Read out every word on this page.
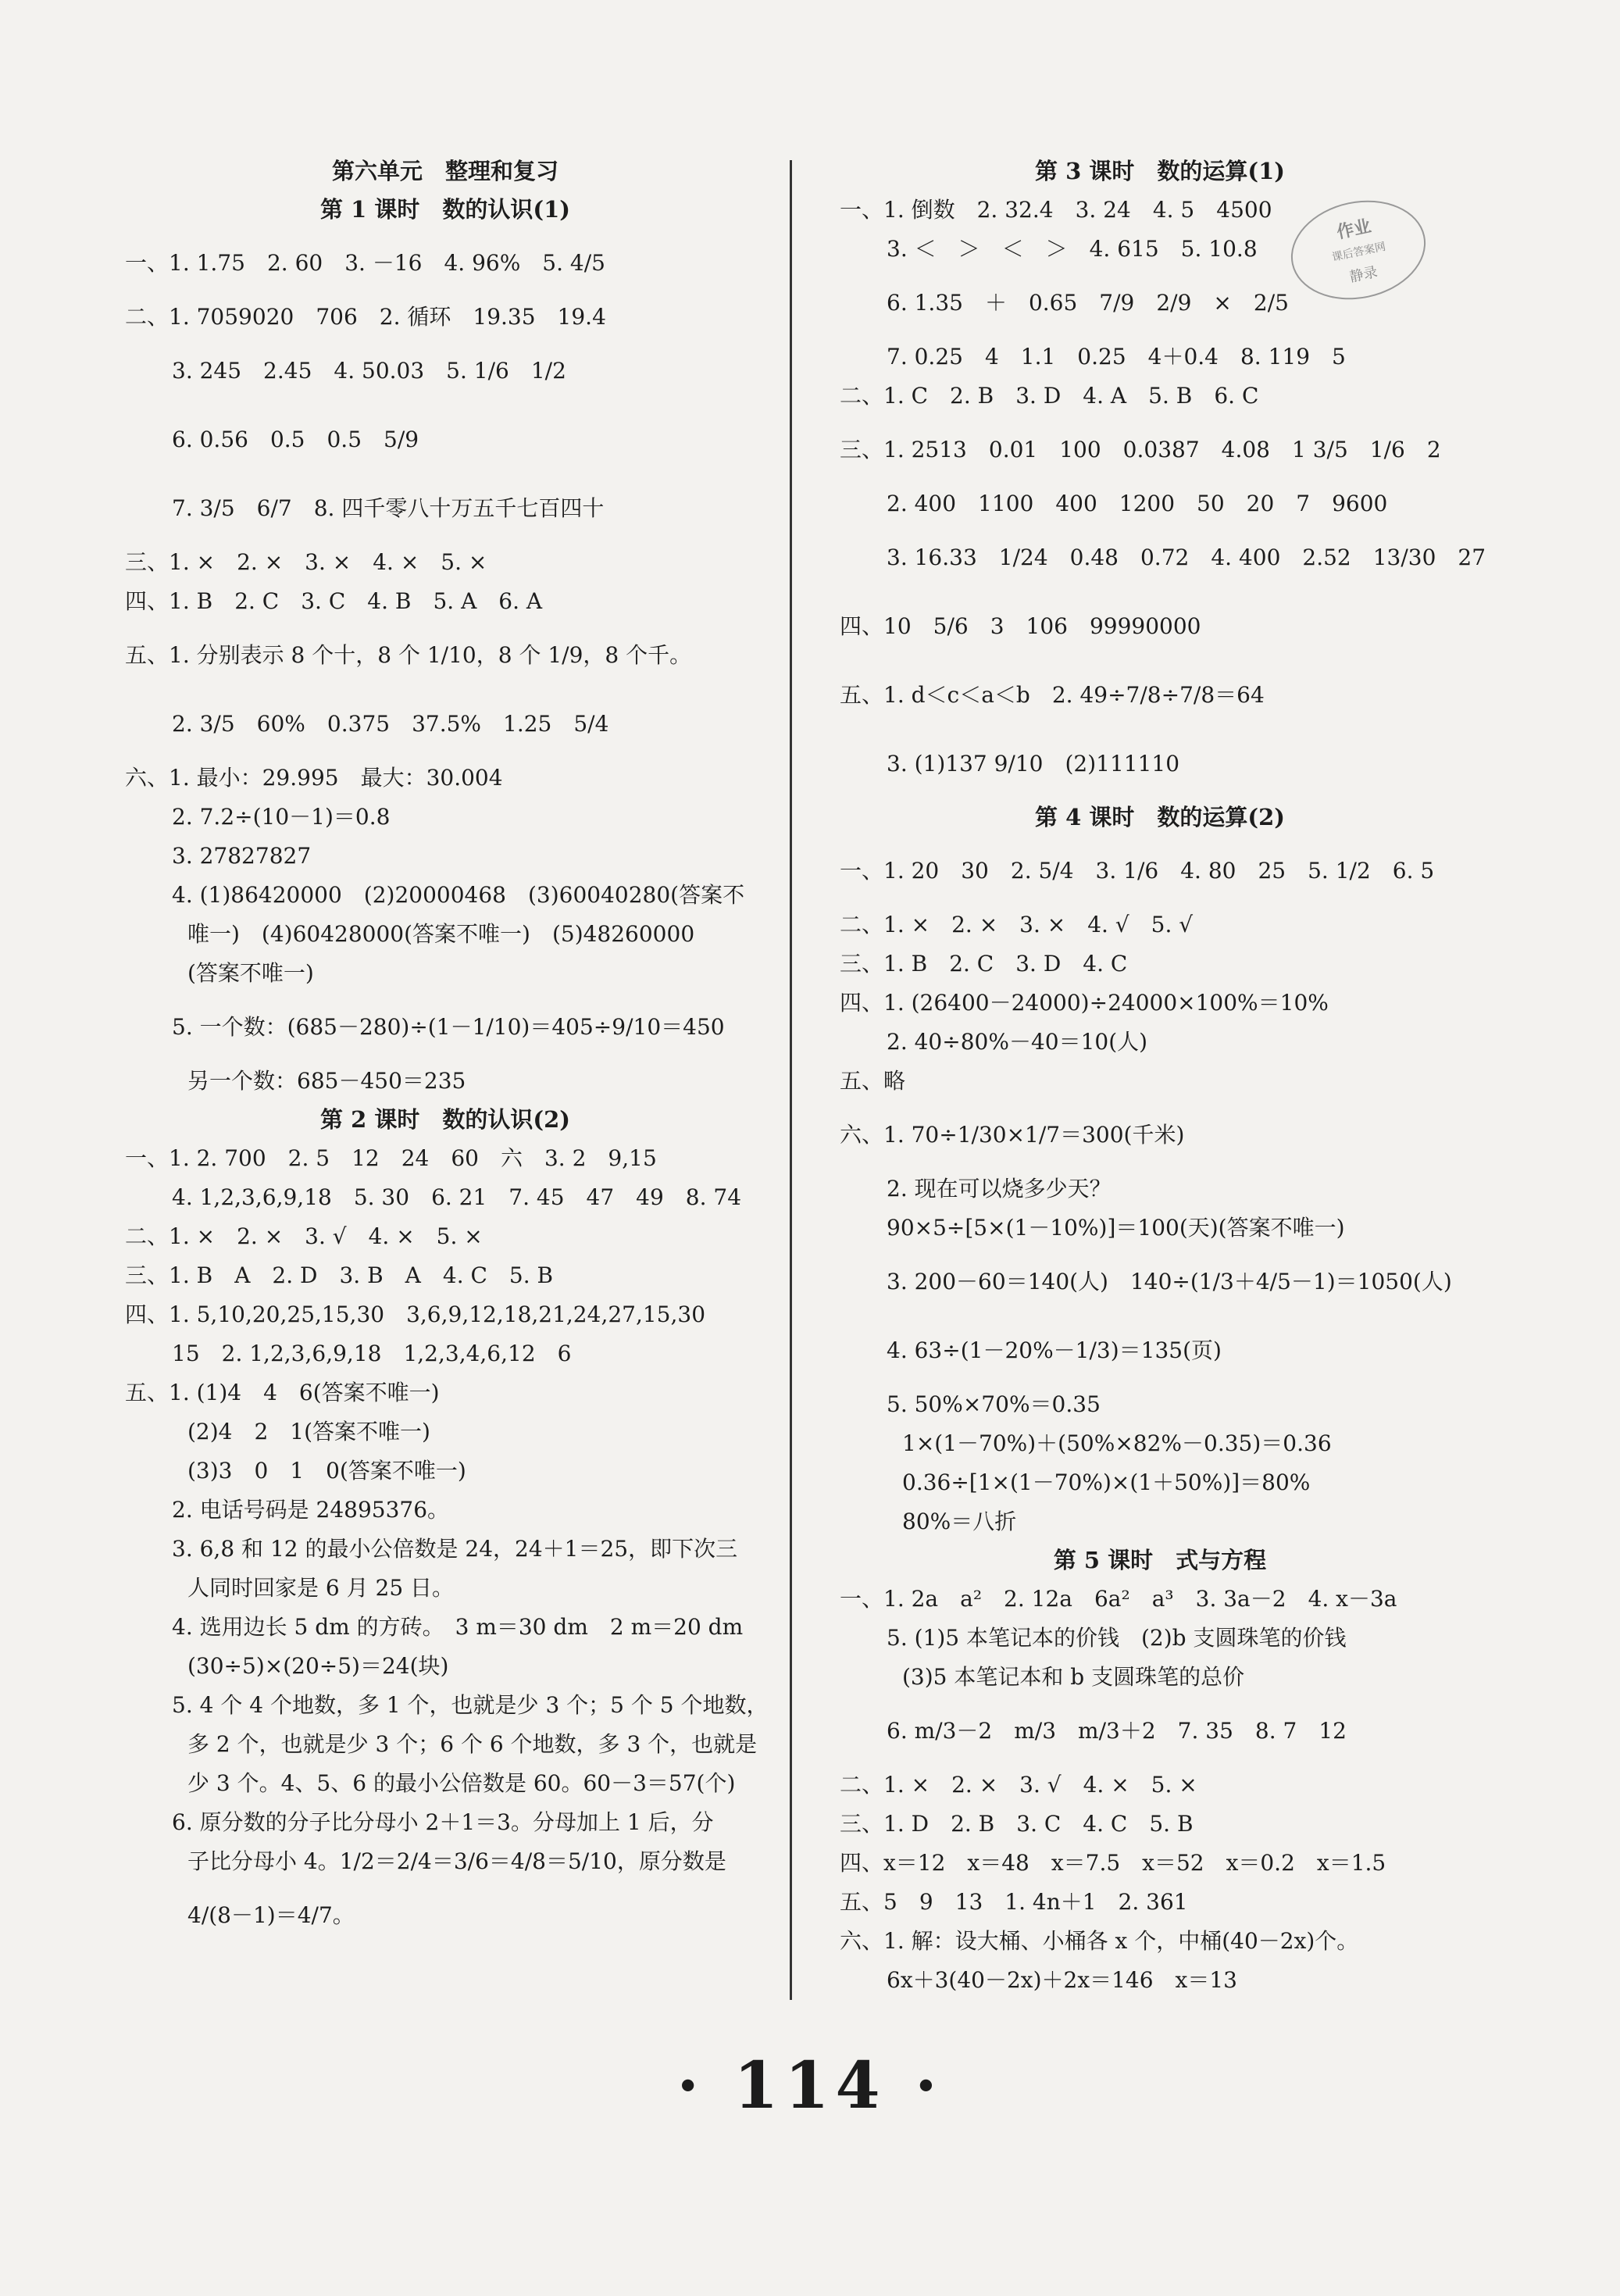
第六单元　整理和复习
第 1 课时　数的认识(1)
一、1. 1.75　2. 60　3. －16　4. 96%　5. 4/5
二、1. 7059020　706　2. 循环　19.35　19.4
3. 245　2.45　4. 50.03　5. 1/6　1/2
6. 0.56　0.5　0.5　5/9
7. 3/5　6/7　8. 四千零八十万五千七百四十
三、1. ×　2. ×　3. ×　4. ×　5. ×
四、1. B　2. C　3. C　4. B　5. A　6. A
五、1. 分别表示 8 个十，8 个 1/10，8 个 1/9，8 个千。
2. 3/5　60%　0.375　37.5%　1.25　5/4
六、1. 最小：29.995　最大：30.004
2. 7.2÷(10－1)＝0.8
3. 27827827
4. (1)86420000　(2)20000468　(3)60040280(答案不
唯一)　(4)60428000(答案不唯一)　(5)48260000
(答案不唯一)
5. 一个数：(685－280)÷(1－1/10)＝405÷9/10＝450
另一个数：685－450＝235
第 2 课时　数的认识(2)
一、1. 2. 700　2. 5　12　24　60　六　3. 2　9,15
4. 1,2,3,6,9,18　5. 30　6. 21　7. 45　47　49　8. 74
二、1. ×　2. ×　3. √　4. ×　5. ×
三、1. B　A　2. D　3. B　A　4. C　5. B
四、1. 5,10,20,25,15,30　3,6,9,12,18,21,24,27,15,30
15　2. 1,2,3,6,9,18　1,2,3,4,6,12　6
五、1. (1)4　4　6(答案不唯一)
(2)4　2　1(答案不唯一)
(3)3　0　1　0(答案不唯一)
2. 电话号码是 24895376。
3. 6,8 和 12 的最小公倍数是 24，24＋1＝25，即下次三
人同时回家是 6 月 25 日。
4. 选用边长 5 dm 的方砖。　3 m＝30 dm　2 m＝20 dm
(30÷5)×(20÷5)＝24(块)
5. 4 个 4 个地数，多 1 个，也就是少 3 个；5 个 5 个地数，
多 2 个，也就是少 3 个；6 个 6 个地数，多 3 个，也就是
少 3 个。4、5、6 的最小公倍数是 60。60－3＝57(个)
6. 原分数的分子比分母小 2＋1＝3。分母加上 1 后，分
子比分母小 4。1/2＝2/4＝3/6＝4/8＝5/10，原分数是
4/(8－1)＝4/7。
第 3 课时　数的运算(1)
一、1. 倒数　2. 32.4　3. 24　4. 5　4500
3. ＜　＞　＜　＞　4. 615　5. 10.8
6. 1.35　＋　0.65　7/9　2/9　×　2/5
7. 0.25　4　1.1　0.25　4＋0.4　8. 119　5
二、1. C　2. B　3. D　4. A　5. B　6. C
三、1. 2513　0.01　100　0.0387　4.08　1 3/5　1/6　2
2. 400　1100　400　1200　50　20　7　9600
3. 16.33　1/24　0.48　0.72　4. 400　2.52　13/30　27
四、10　5/6　3　106　99990000
五、1. d＜c＜a＜b　2. 49÷7/8÷7/8＝64
3. (1)137 9/10　(2)111110
第 4 课时　数的运算(2)
一、1. 20　30　2. 5/4　3. 1/6　4. 80　25　5. 1/2　6. 5
二、1. ×　2. ×　3. ×　4. √　5. √
三、1. B　2. C　3. D　4. C
四、1. (26400－24000)÷24000×100%＝10%
2. 40÷80%－40＝10(人)
五、略
六、1. 70÷1/30×1/7＝300(千米)
2. 现在可以烧多少天？
90×5÷[5×(1－10%)]＝100(天)(答案不唯一)
3. 200－60＝140(人)　140÷(1/3＋4/5－1)＝1050(人)
4. 63÷(1－20%－1/3)＝135(页)
5. 50%×70%＝0.35
1×(1－70%)＋(50%×82%－0.35)＝0.36
0.36÷[1×(1－70%)×(1＋50%)]＝80%
80%＝八折
第 5 课时　式与方程
一、1. 2a　a²　2. 12a　6a²　a³　3. 3a－2　4. x－3a
5. (1)5 本笔记本的价钱　(2)b 支圆珠笔的价钱
(3)5 本笔记本和 b 支圆珠笔的总价
6. m/3－2　m/3　m/3＋2　7. 35　8. 7　12
二、1. ×　2. ×　3. √　4. ×　5. ×
三、1. D　2. B　3. C　4. C　5. B
四、x＝12　x＝48　x＝7.5　x＝52　x＝0.2　x＝1.5
五、5　9　13　1. 4n＋1　2. 361
六、1. 解：设大桶、小桶各 x 个，中桶(40－2x)个。
6x＋3(40－2x)＋2x＝146　x＝13
作业
课后答案网
静录
· 114 ·
